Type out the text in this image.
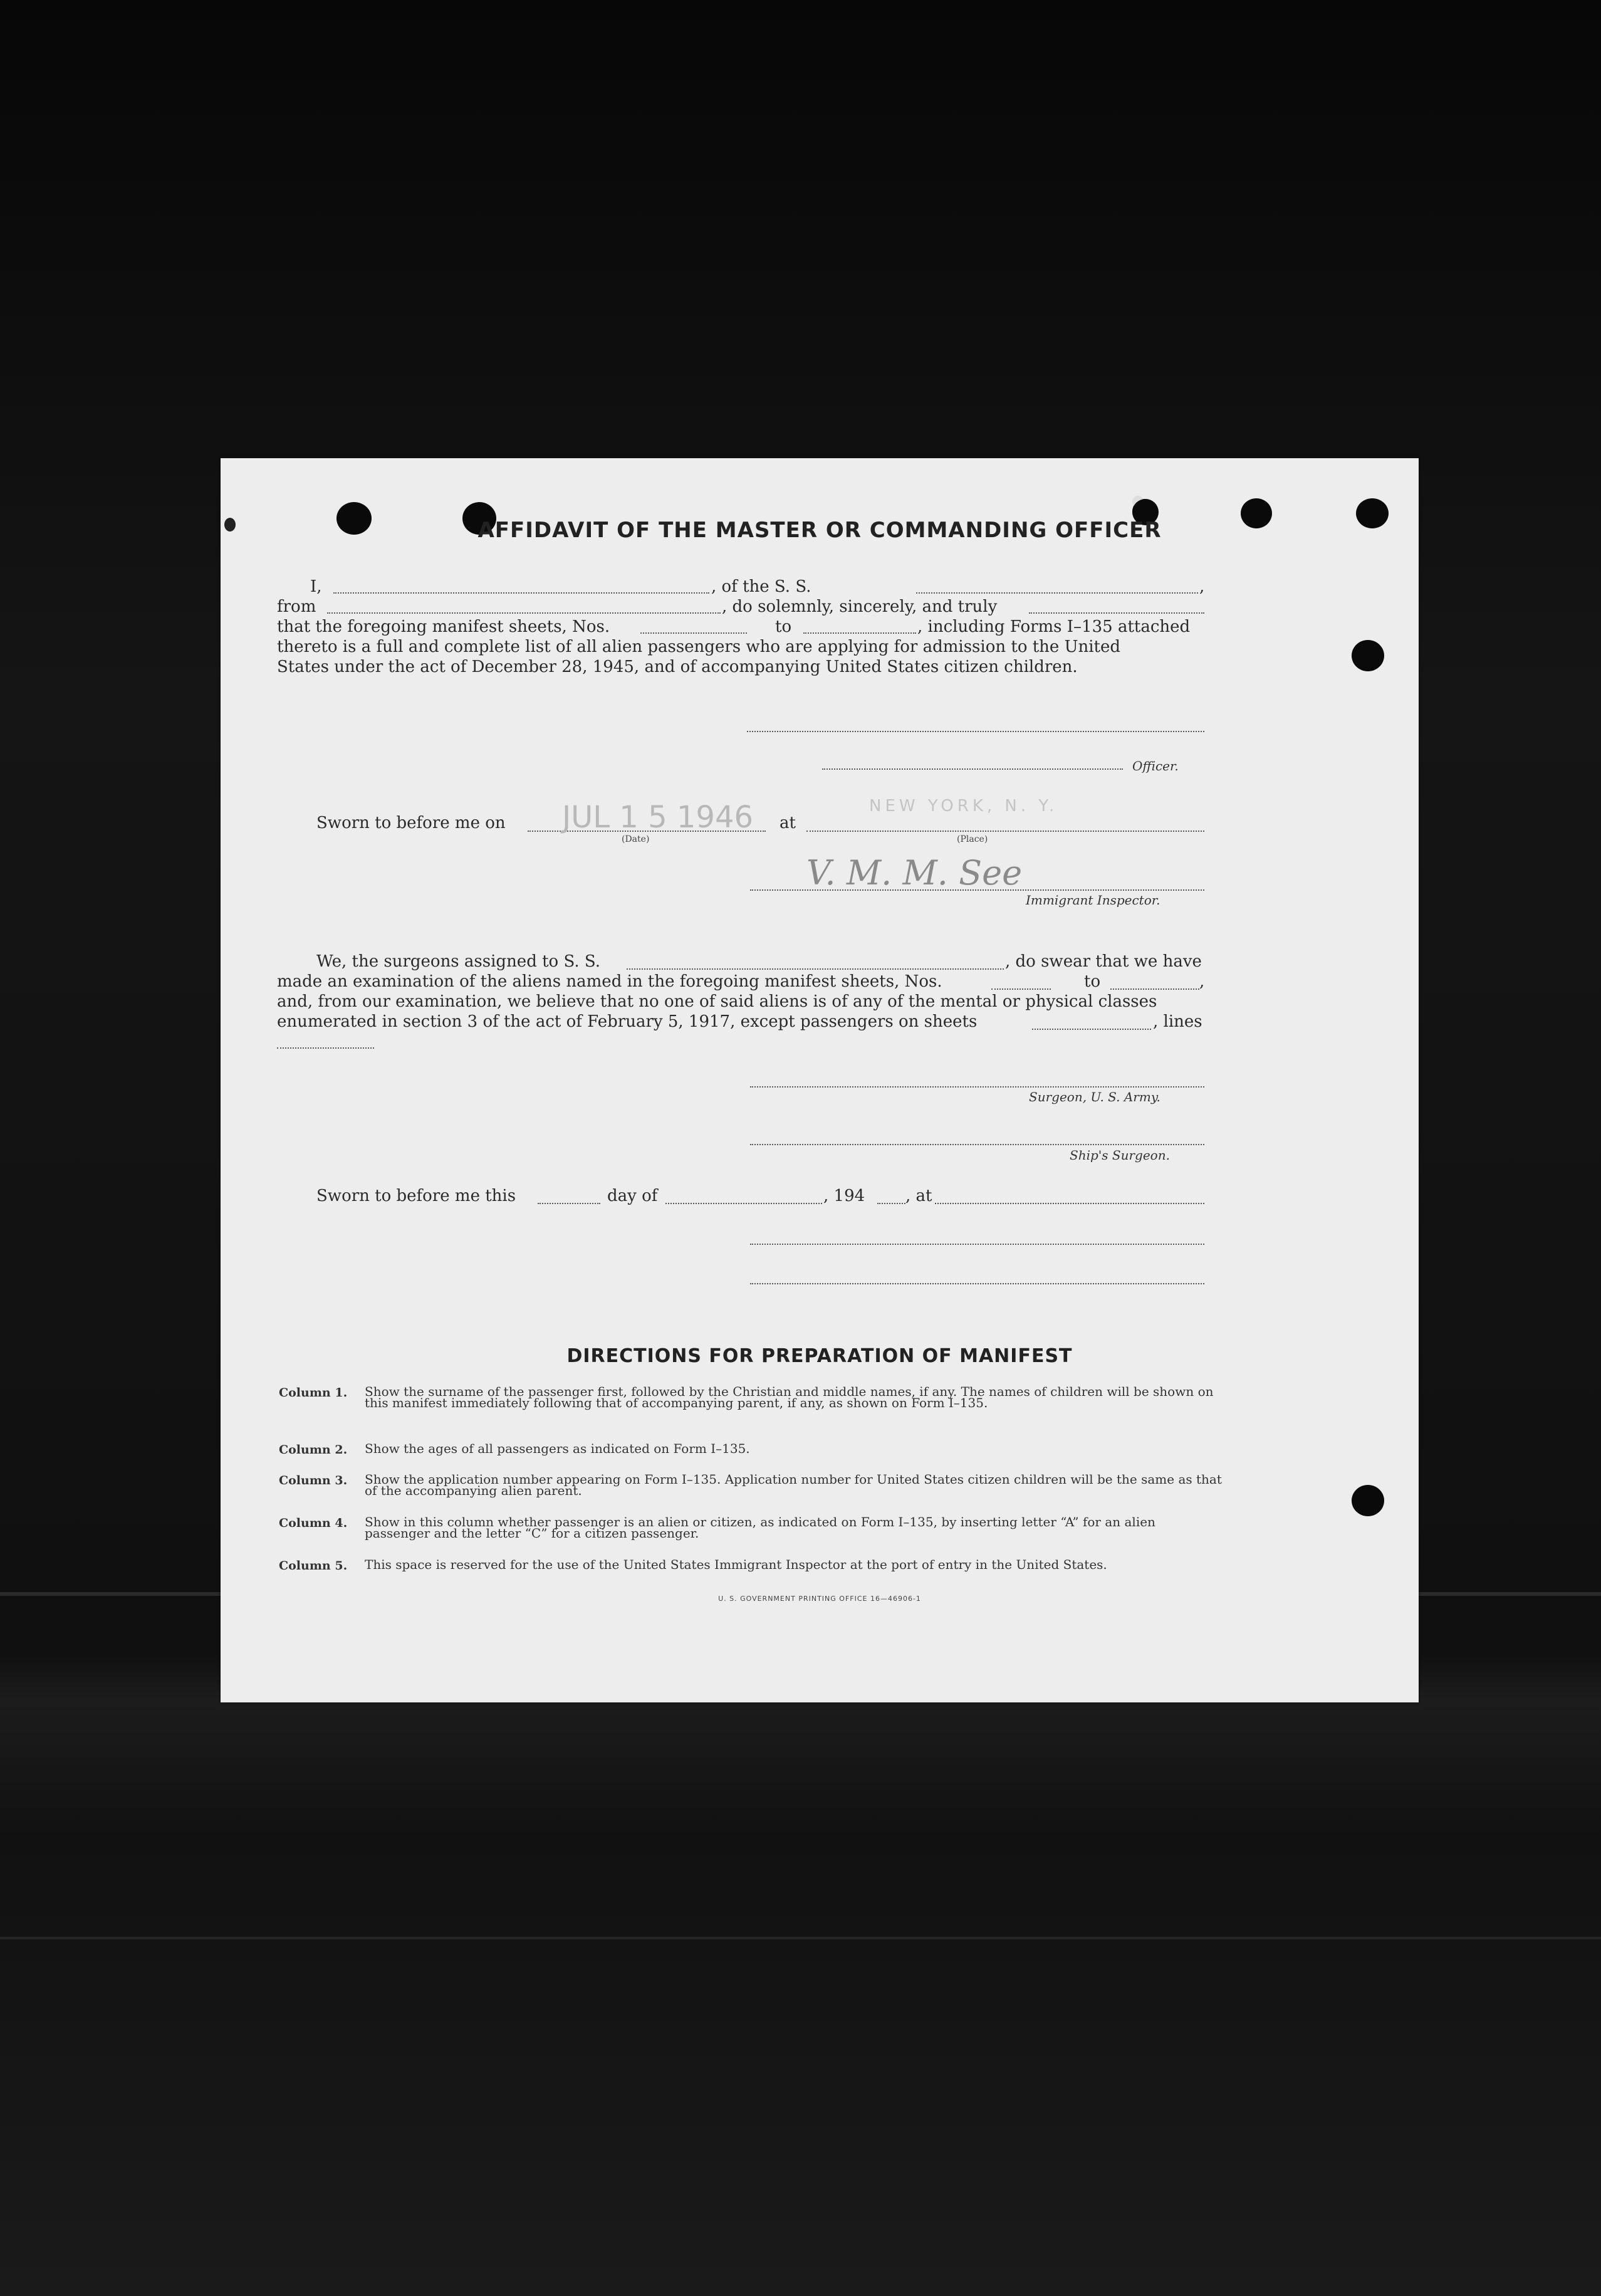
AFFIDAVIT OF THE MASTER OR COMMANDING OFFICER
I,	, of the S. S.	,
from	, do solemnly, sincerely, and truly
that the foregoing manifest sheets, Nos.	to	, including Forms I–135 attached
thereto is a full and complete list of all alien passengers who are applying for admission to the United
States under the act of December 28, 1945, and of accompanying United States citizen children.
Officer.
Sworn to before me on JUL 1 5 1946
(Date)
at
NEW YORK, N. Y.
(Place)
V. M. M. See
Immigrant Inspector.
We, the surgeons assigned to S. S.	, do swear that we have
made an examination of the aliens named in the foregoing manifest sheets, Nos.	to	,
and, from our examination, we believe that no one of said aliens is of any of the mental or physical classes
enumerated in section 3 of the act of February 5, 1917, except passengers on sheets	, lines
Surgeon, U. S. Army.
Ship's Surgeon.
Sworn to before me this	day of	, 194 , at
DIRECTIONS FOR PREPARATION OF MANIFEST
Column 1.	Show the surname of the passenger first, followed by the Christian and middle names, if any. The names of children will be shown on this manifest immediately following that of accompanying parent, if any, as shown on Form I–135.
Column 2.	Show the ages of all passengers as indicated on Form I–135.
Column 3.	Show the application number appearing on Form I–135. Application number for United States citizen children will be the same as that of the accompanying alien parent.
Column 4.	Show in this column whether passenger is an alien or citizen, as indicated on Form I–135, by inserting letter “A” for an alien passenger and the letter “C” for a citizen passenger.
Column 5.	This space is reserved for the use of the United States Immigrant Inspector at the port of entry in the United States.
U. S. GOVERNMENT PRINTING OFFICE 16—46906-1
